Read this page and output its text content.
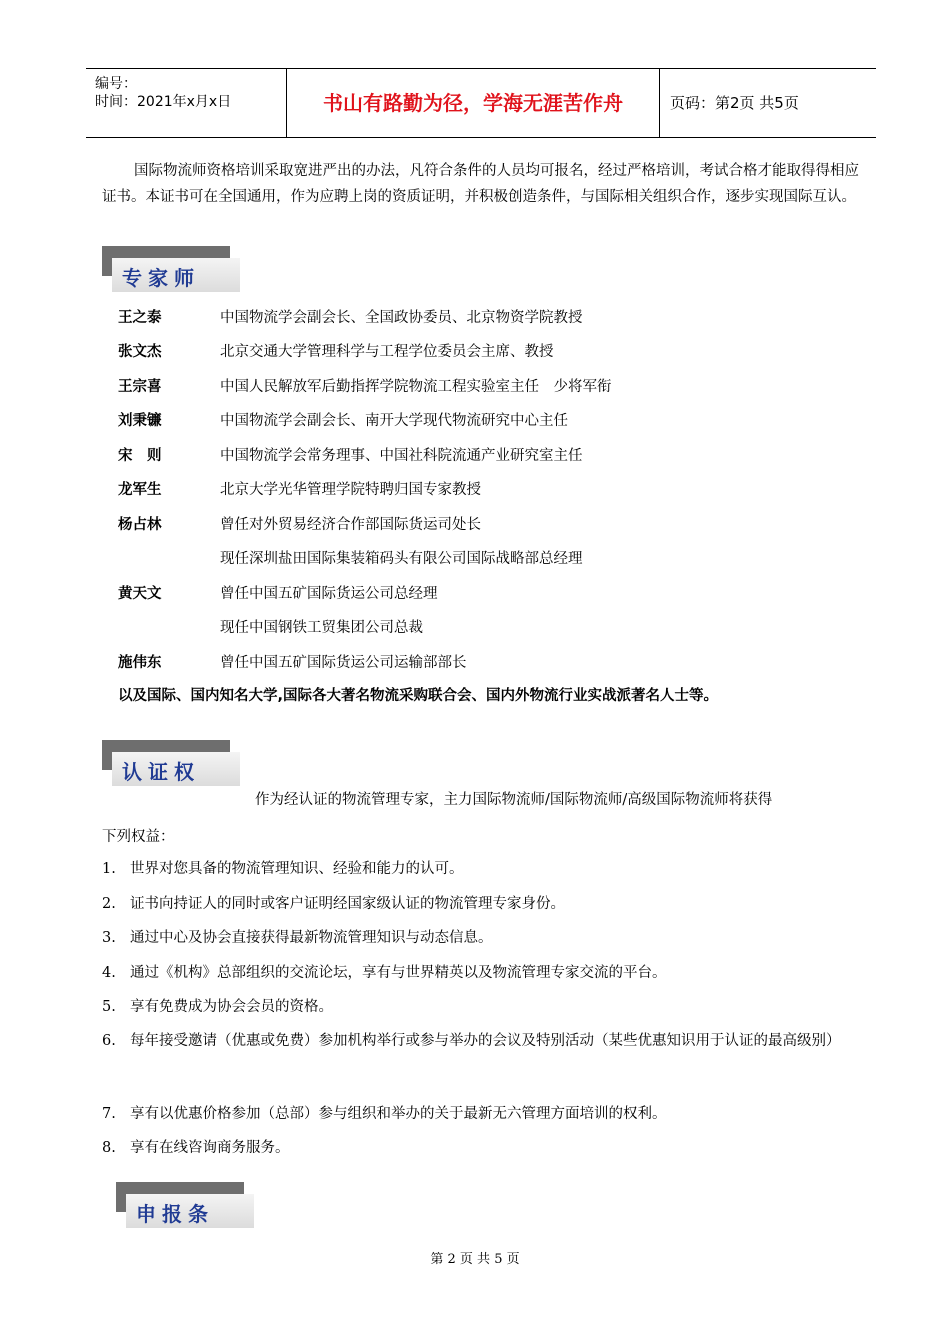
编号：
时间：2021年x月x日	书山有路勤为径，学海无涯苦作舟	页码：第2页 共5页
国际物流师资格培训采取宽进严出的办法，凡符合条件的人员均可报名，经过严格培训，考试合格才能取得得相应证书。本证书可在全国通用，作为应聘上岗的资质证明，并积极创造条件，与国际相关组织合作，逐步实现国际互认。
专家师
王之泰	中国物流学会副会长、全国政协委员、北京物资学院教授
张文杰	北京交通大学管理科学与工程学位委员会主席、教授
王宗喜	中国人民解放军后勤指挥学院物流工程实验室主任　少将军衔
刘秉镰	中国物流学会副会长、南开大学现代物流研究中心主任
宋　则	中国物流学会常务理事、中国社科院流通产业研究室主任
龙军生	北京大学光华管理学院特聘归国专家教授
杨占林	曾任对外贸易经济合作部国际货运司处长
现任深圳盐田国际集装箱码头有限公司国际战略部总经理
黄天文	曾任中国五矿国际货运公司总经理
现任中国钢铁工贸集团公司总裁
施伟东	曾任中国五矿国际货运公司运输部部长
以及国际、国内知名大学,国际各大著名物流采购联合会、国内外物流行业实战派著名人士等。
认证权
作为经认证的物流管理专家，主力国际物流师/国际物流师/高级国际物流师将获得
下列权益：
1. 世界对您具备的物流管理知识、经验和能力的认可。
2. 证书向持证人的同时或客户证明经国家级认证的物流管理专家身份。
3. 通过中心及协会直接获得最新物流管理知识与动态信息。
4. 通过《机构》总部组织的交流论坛，享有与世界精英以及物流管理专家交流的平台。
5. 享有免费成为协会会员的资格。
6. 每年接受邀请（优惠或免费）参加机构举行或参与举办的会议及特别活动（某些优惠知识用于认证的最高级别）
7. 享有以优惠价格参加（总部）参与组织和举办的关于最新无六管理方面培训的权利。
8. 享有在线咨询商务服务。
申报条
第 2 页 共 5 页
